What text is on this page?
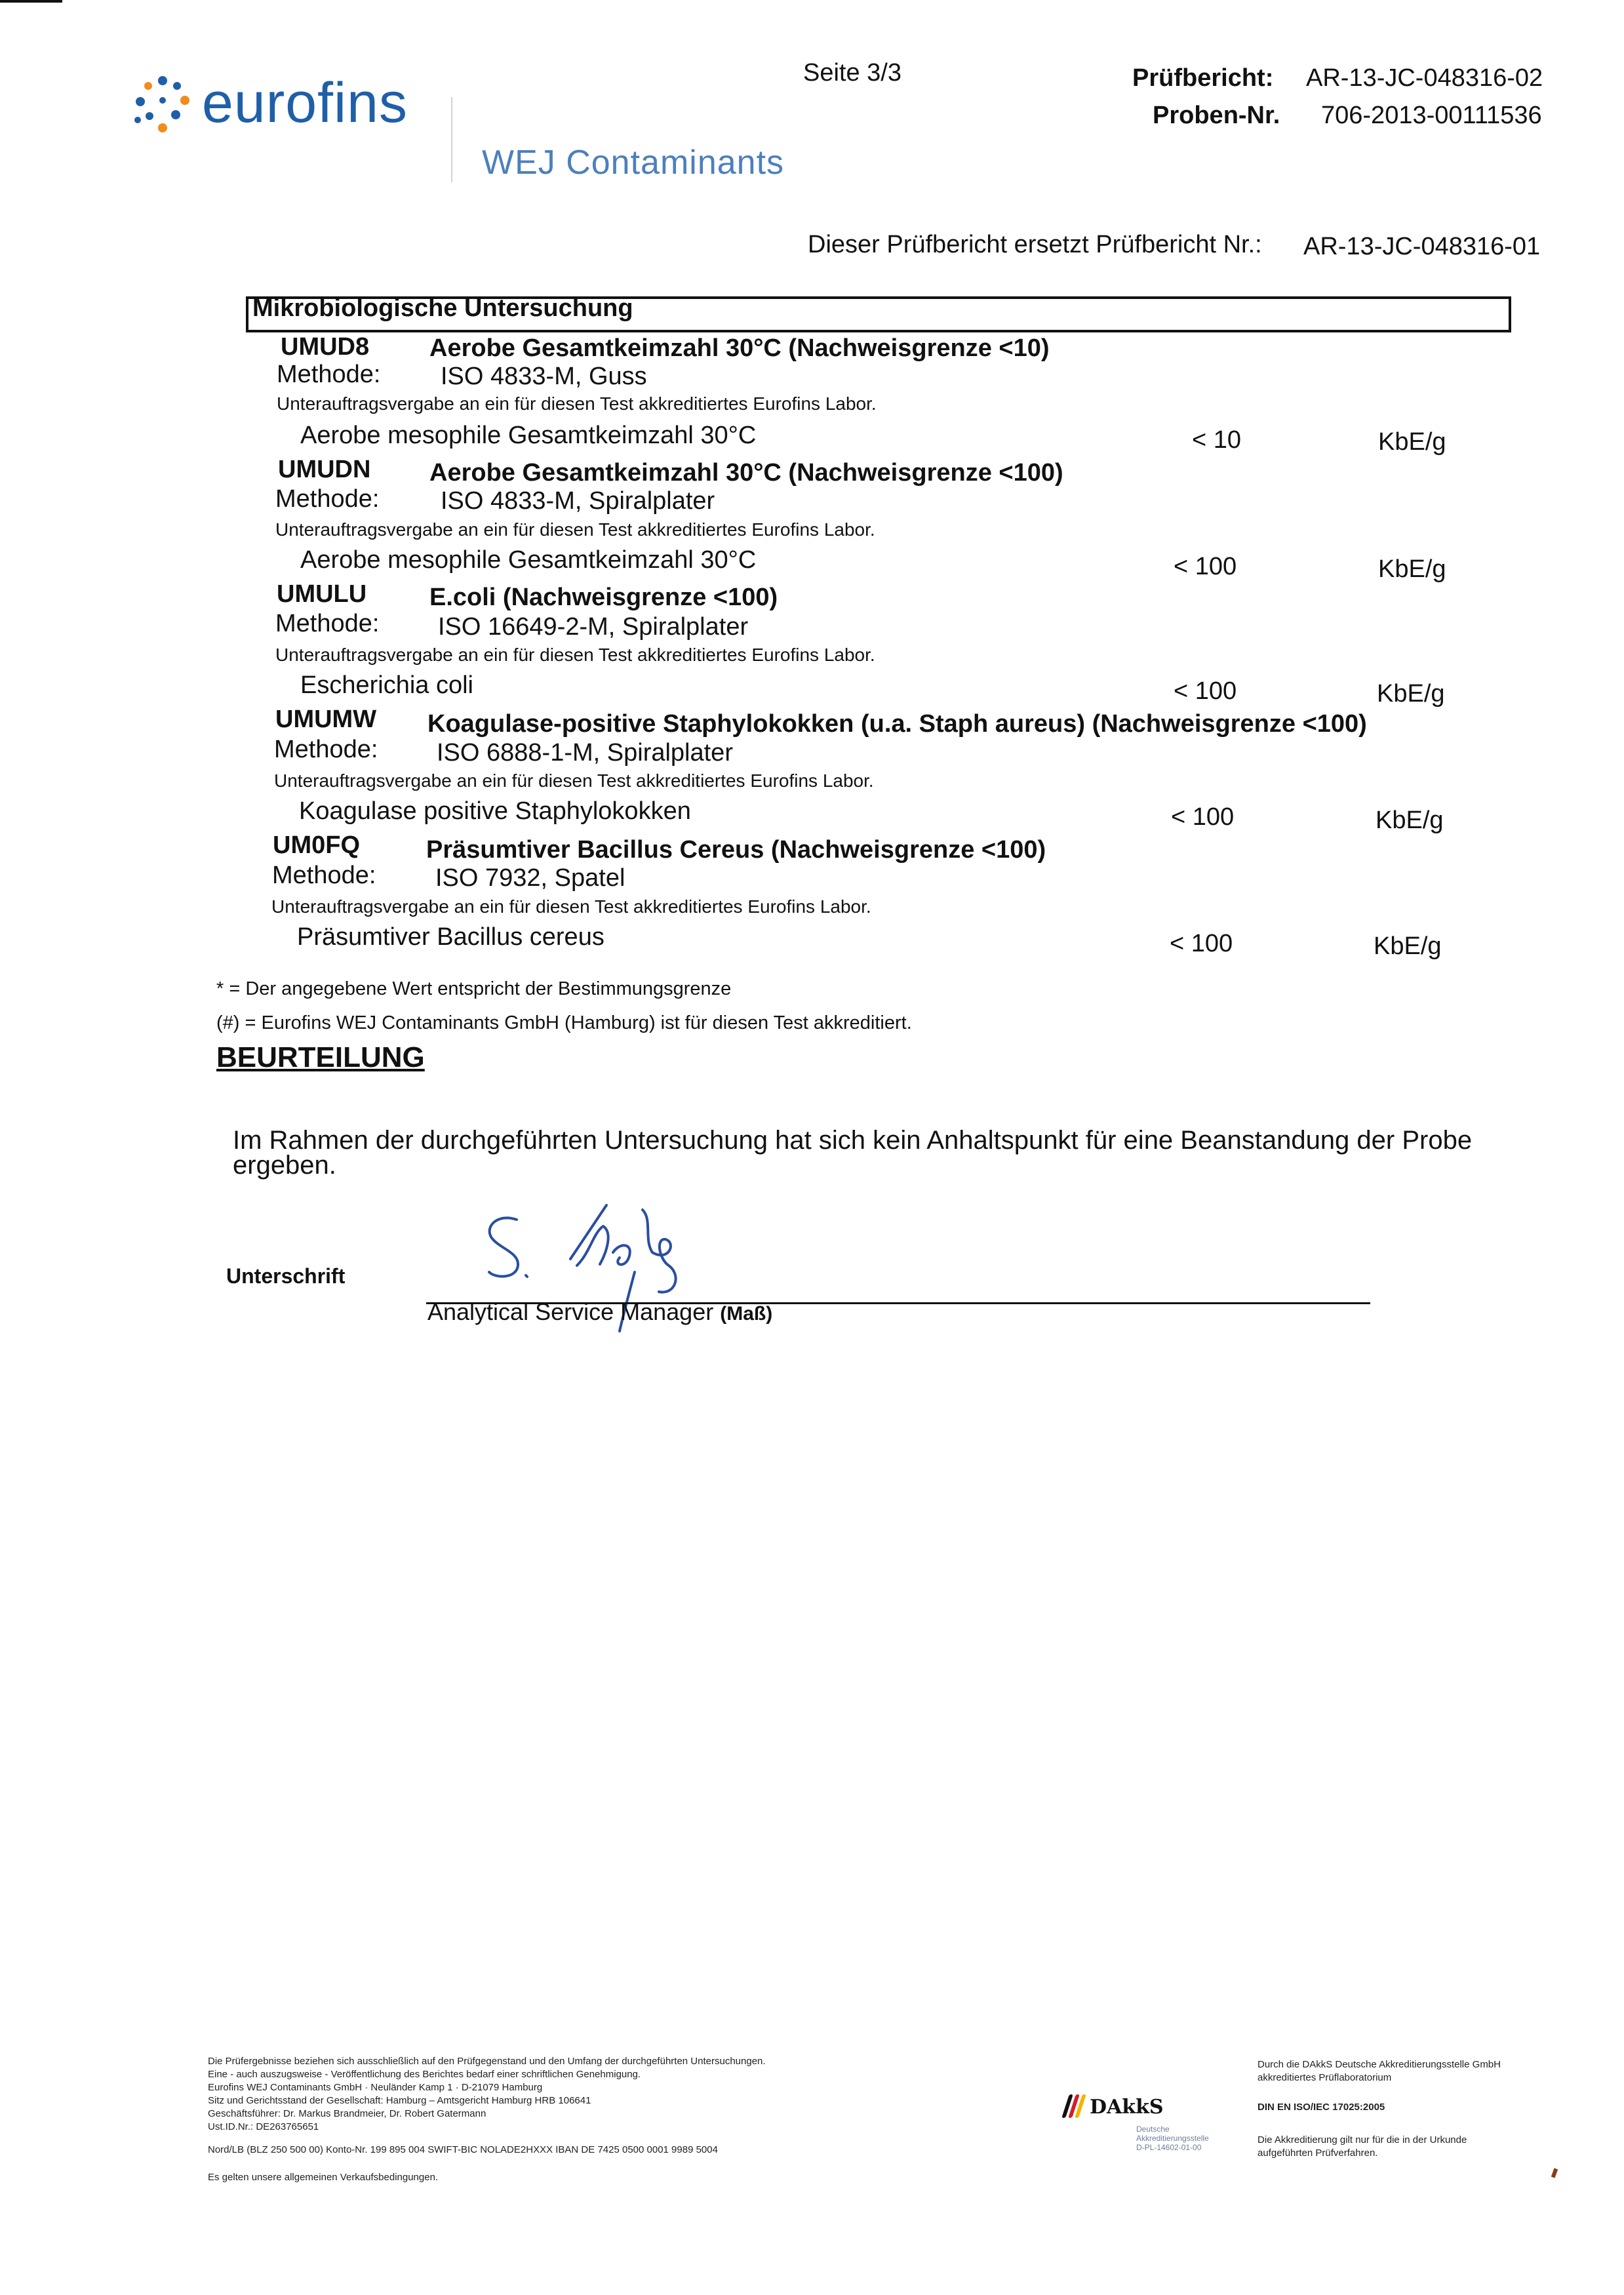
eurofins
WEJ Contaminants
Seite 3/3	Prüfbericht: AR-13-JC-048316-02
Proben-Nr. 706-2013-00111536
Dieser Prüfbericht ersetzt Prüfbericht Nr.: AR-13-JC-048316-01
Mikrobiologische Untersuchung
UMUD8 Aerobe Gesamtkeimzahl 30°C (Nachweisgrenze <10)
Methode: ISO 4833-M, Guss
Unterauftragsvergabe an ein für diesen Test akkreditiertes Eurofins Labor.
Aerobe mesophile Gesamtkeimzahl 30°C	< 10	KbE/g
UMUDN Aerobe Gesamtkeimzahl 30°C (Nachweisgrenze <100)
Methode: ISO 4833-M, Spiralplater
Unterauftragsvergabe an ein für diesen Test akkreditiertes Eurofins Labor.
Aerobe mesophile Gesamtkeimzahl 30°C	< 100	KbE/g
UMULU	E.coli (Nachweisgrenze <100)
Methode: ISO 16649-2-M, Spiralplater
Unterauftragsvergabe an ein für diesen Test akkreditiertes Eurofins Labor.
Escherichia coli	< 100	KbE/g
UMUMW Koagulase-positive Staphylokokken (u.a. Staph aureus) (Nachweisgrenze <100)
Methode: ISO 6888-1-M, Spiralplater
Unterauftragsvergabe an ein für diesen Test akkreditiertes Eurofins Labor.
Koagulase positive Staphylokokken	< 100	KbE/g
UM0FQ	Präsumtiver Bacillus Cereus (Nachweisgrenze <100)
Methode: ISO 7932, Spatel
Unterauftragsvergabe an ein für diesen Test akkreditiertes Eurofins Labor.
Präsumtiver Bacillus cereus	< 100	KbE/g
* = Der angegebene Wert entspricht der Bestimmungsgrenze
(#) = Eurofins WEJ Contaminants GmbH (Hamburg) ist für diesen Test akkreditiert.
BEURTEILUNG
Im Rahmen der durchgeführten Untersuchung hat sich kein Anhaltspunkt für eine Beanstandung der Probe
ergeben.
Unterschrift
Analytical Service Manager (Maß)
Die Prüfergebnisse beziehen sich ausschließlich auf den Prüfgegenstand und den Umfang der durchgeführten Untersuchungen.
Eine - auch auszugsweise - Veröffentlichung des Berichtes bedarf einer schriftlichen Genehmigung.
Eurofins WEJ Contaminants GmbH · Neuländer Kamp 1 · D-21079 Hamburg
Sitz und Gerichtsstand der Gesellschaft: Hamburg – Amtsgericht Hamburg HRB 106641
Geschäftsführer: Dr. Markus Brandmeier, Dr. Robert Gatermann
Ust.ID.Nr.: DE263765651
Nord/LB (BLZ 250 500 00) Konto-Nr. 199 895 004 SWIFT-BIC NOLADE2HXXX IBAN DE 7425 0500 0001 9989 5004
Es gelten unsere allgemeinen Verkaufsbedingungen.
DAkkS
Deutsche
Akkreditierungsstelle
D-PL-14602-01-00
Durch die DAkkS Deutsche Akkreditierungsstelle GmbH
akkreditiertes Prüflaboratorium
DIN EN ISO/IEC 17025:2005
Die Akkreditierung gilt nur für die in der Urkunde
aufgeführten Prüfverfahren.
